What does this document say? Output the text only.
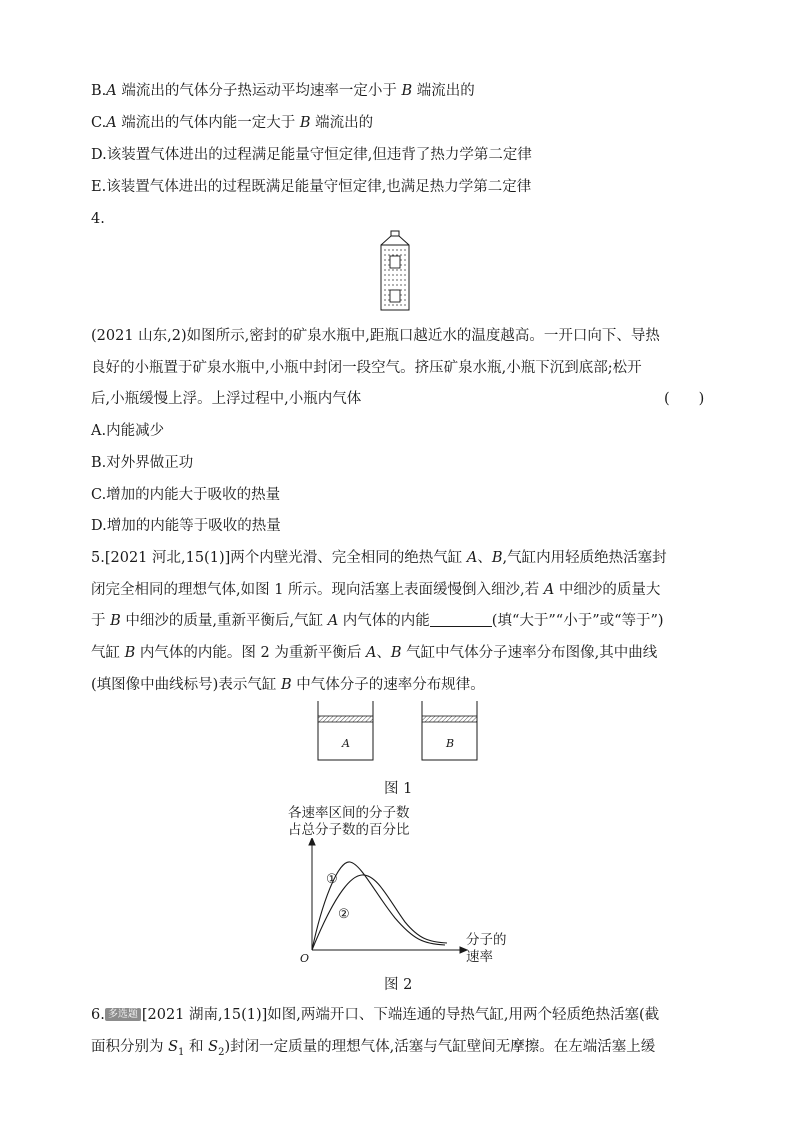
B.A 端流出的气体分子热运动平均速率一定小于 B 端流出的
C.A 端流出的气体内能一定大于 B 端流出的
D.该装置气体进出的过程满足能量守恒定律,但违背了热力学第二定律
E.该装置气体进出的过程既满足能量守恒定律,也满足热力学第二定律
4.
(2021 山东,2)如图所示,密封的矿泉水瓶中,距瓶口越近水的温度越高。一开口向下、导热
良好的小瓶置于矿泉水瓶中,小瓶中封闭一段空气。挤压矿泉水瓶,小瓶下沉到底部;松开
后,小瓶缓慢上浮。上浮过程中,小瓶内气体	(　　)
A.内能减少
B.对外界做正功
C.增加的内能大于吸收的热量
D.增加的内能等于吸收的热量
5.[2021 河北,15(1)]两个内壁光滑、完全相同的绝热气缸 A、B,气缸内用轻质绝热活塞封
闭完全相同的理想气体,如图 1 所示。现向活塞上表面缓慢倒入细沙,若 A 中细沙的质量大
于 B 中细沙的质量,重新平衡后,气缸 A 内气体的内能	(填“大于”“小于”或“等于”)
气缸 B 内气体的内能。图 2 为重新平衡后 A、B 气缸中气体分子速率分布图像,其中曲线
(填图像中曲线标号)表示气缸 B 中气体分子的速率分布规律。
A	B
图 1
各速率区间的分子数
占总分子数的百分比
①
②
O
分子的
速率
图 2
6. 多选题 [2021 湖南,15(1)]如图,两端开口、下端连通的导热气缸,用两个轻质绝热活塞(截
面积分别为 $S_1$ 和 $S_2$)封闭一定质量的理想气体,活塞与气缸壁间无摩擦。在左端活塞上缓
